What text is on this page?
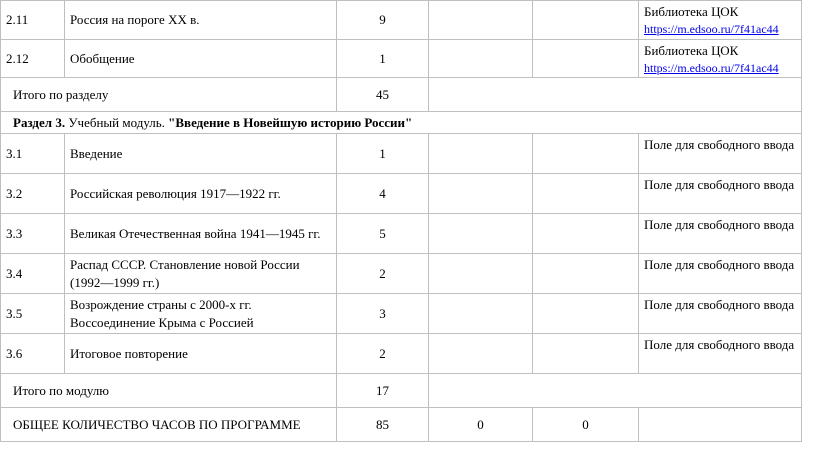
2.11	Россия на пороге XX в.	9			Библиотека ЦОК
https://m.edsoo.ru/7f41ac44
2.12	Обобщение	1			Библиотека ЦОК
https://m.edsoo.ru/7f41ac44
Итого по разделу		45			
Раздел 3. Учебный модуль. "Введение в Новейшую историю России"					
3.1	Введение	1			Поле для свободного ввода
3.2	Российская революция 1917—1922 гг.	4			Поле для свободного ввода
3.3	Великая Отечественная война 1941—1945 гг.	5			Поле для свободного ввода
3.4	Распад СССР. Становление новой России (1992—1999 гг.)	2			Поле для свободного ввода
3.5	Возрождение страны с 2000-х гг. Воссоединение Крыма с Россией	3			Поле для свободного ввода
3.6	Итоговое повторение	2			Поле для свободного ввода
Итого по модулю		17			
ОБЩЕЕ КОЛИЧЕСТВО ЧАСОВ ПО ПРОГРАММЕ		85	0	0	
